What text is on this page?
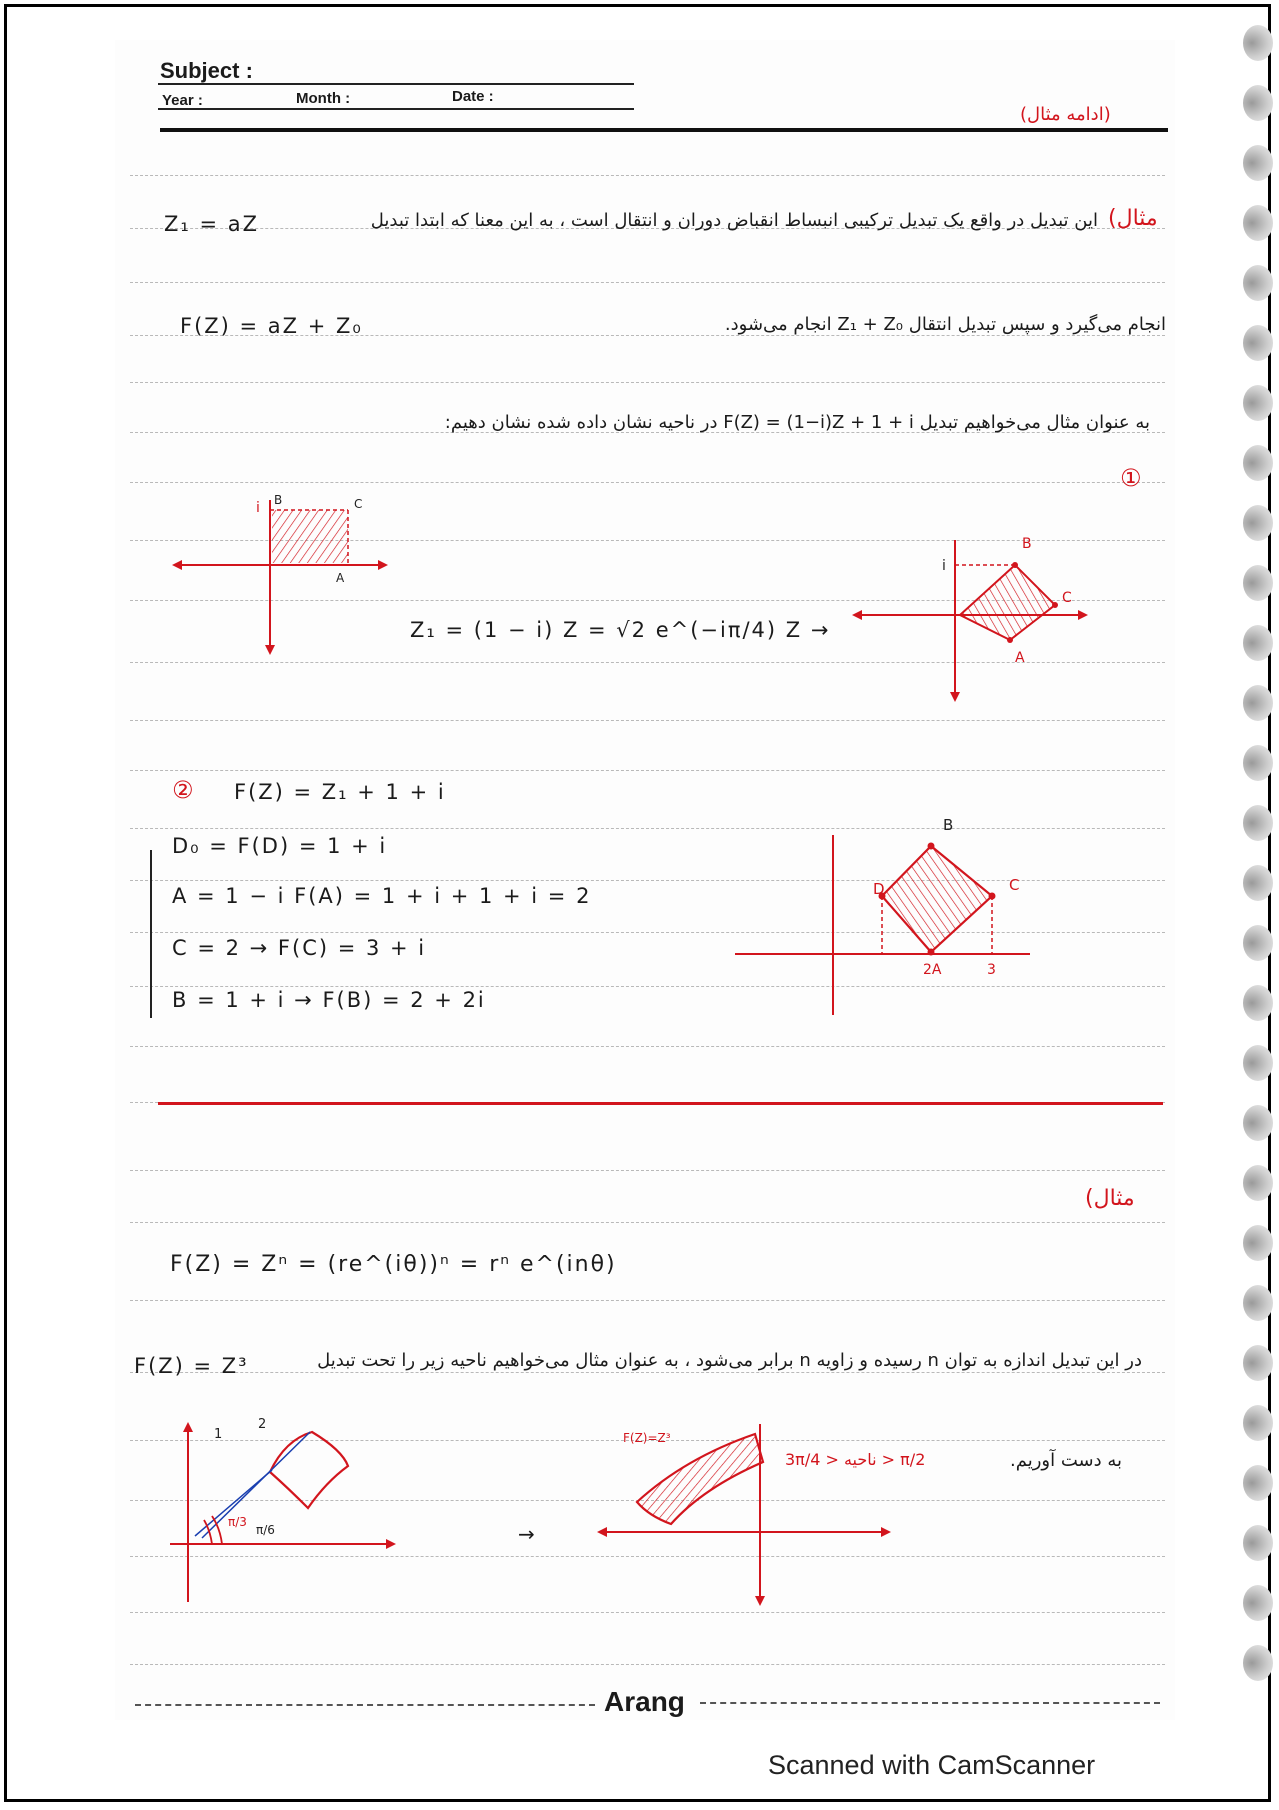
Subject :
Year :	Month :	Date :
(ادامه مثال)
مثال)
این تبدیل در واقع یک تبدیل ترکیبی انبساط انقباض دوران و انتقال است ، به این معنا که ابتدا تبدیل
Z₁ = aZ
انجام می‌گیرد و سپس تبدیل انتقال Z₁ + Z₀ انجام می‌شود.
F(Z) = aZ + Z₀
به عنوان مثال می‌خواهیم تبدیل F(Z) = (1−i)Z + 1 + i در ناحیه نشان داده شده نشان دهیم:
①
i B	C
A
Z₁ = (1 − i) Z = √2 e^(−iπ/4) Z →
i
B
C
A
② F(Z) = Z₁ + 1 + i
D₀ = F(D) = 1 + i
A = 1 − i F(A) = 1 + i + 1 + i = 2
C = 2 → F(C) = 3 + i
B = 1 + i → F(B) = 2 + 2i
B
D	C
2A	3
مثال)
F(Z) = Zⁿ = (re^(iθ))ⁿ = rⁿ e^(inθ)
در این تبدیل اندازه به توان n رسیده و زاویه n برابر می‌شود ، به عنوان مثال می‌خواهیم ناحیه زیر را تحت تبدیل
F(Z) = Z³
1
2
π/3
π/6	→
F(Z)=Z³
π/2 < ناحیه < 3π/4	به دست آوریم.
Arang
Scanned with CamScanner
